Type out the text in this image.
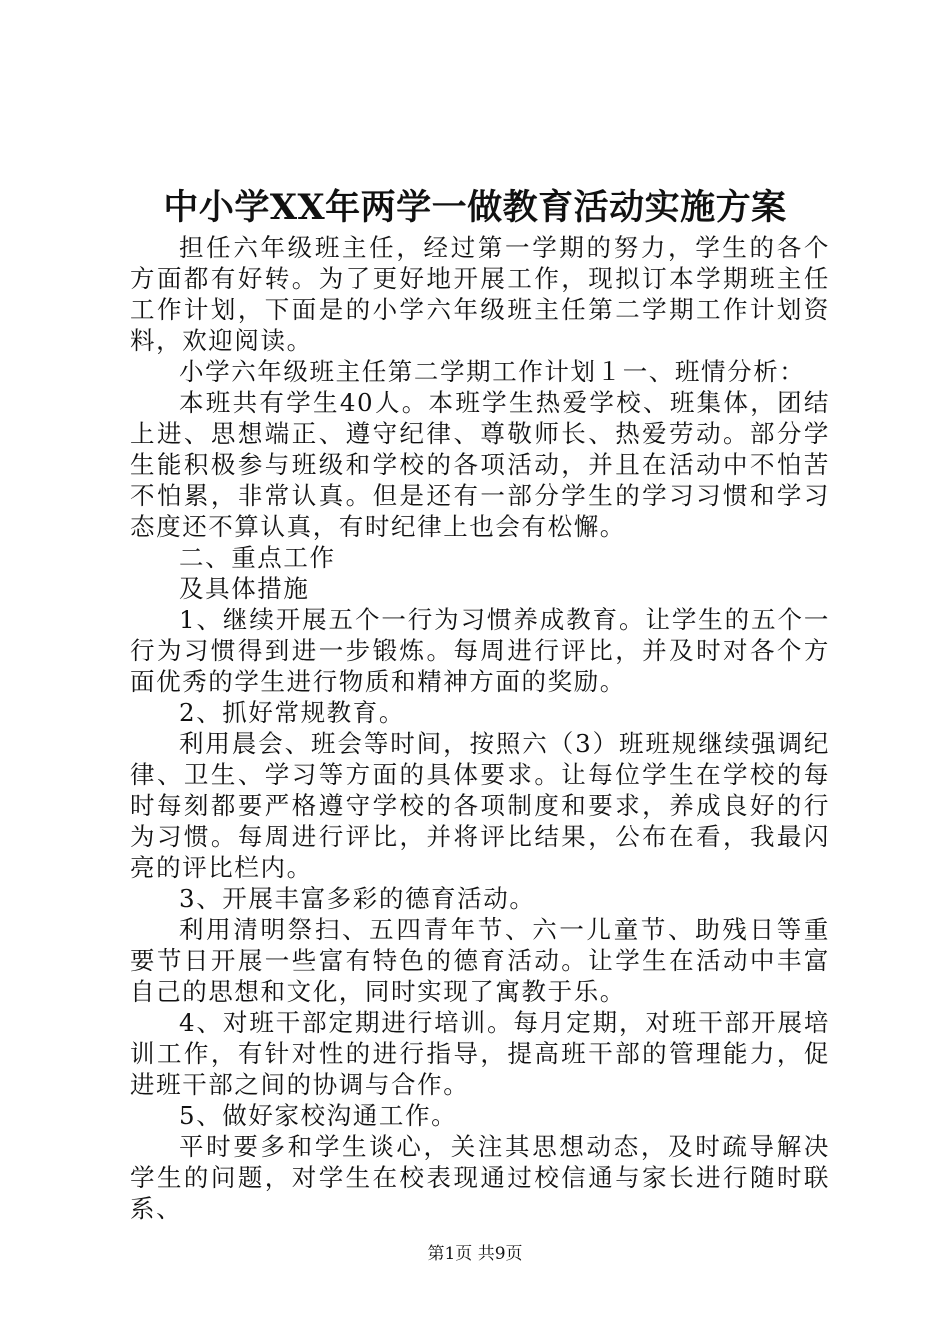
中小学XX年两学一做教育活动实施方案

担任六年级班主任，经过第一学期的努力，学生的各个方面都有好转。为了更好地开展工作，现拟订本学期班主任工作计划，下面是的小学六年级班主任第二学期工作计划资料，欢迎阅读。

小学六年级班主任第二学期工作计划１一、班情分析：

本班共有学生40人。本班学生热爱学校、班集体，团结上进、思想端正、遵守纪律、尊敬师长、热爱劳动。部分学生能积极参与班级和学校的各项活动，并且在活动中不怕苦不怕累，非常认真。但是还有一部分学生的学习习惯和学习态度还不算认真，有时纪律上也会有松懈。

二、重点工作

及具体措施

1、继续开展五个一行为习惯养成教育。让学生的五个一行为习惯得到进一步锻炼。每周进行评比，并及时对各个方面优秀的学生进行物质和精神方面的奖励。

2、抓好常规教育。

利用晨会、班会等时间，按照六（3）班班规继续强调纪律、卫生、学习等方面的具体要求。让每位学生在学校的每时每刻都要严格遵守学校的各项制度和要求，养成良好的行为习惯。每周进行评比，并将评比结果，公布在看，我最闪亮的评比栏内。

3、开展丰富多彩的德育活动。

利用清明祭扫、五四青年节、六一儿童节、助残日等重要节日开展一些富有特色的德育活动。让学生在活动中丰富自己的思想和文化，同时实现了寓教于乐。

4、对班干部定期进行培训。每月定期，对班干部开展培训工作，有针对性的进行指导，提高班干部的管理能力，促进班干部之间的协调与合作。

5、做好家校沟通工作。

平时要多和学生谈心，关注其思想动态，及时疏导解决学生的问题，对学生在校表现通过校信通与家长进行随时联系、

第1页 共9页
